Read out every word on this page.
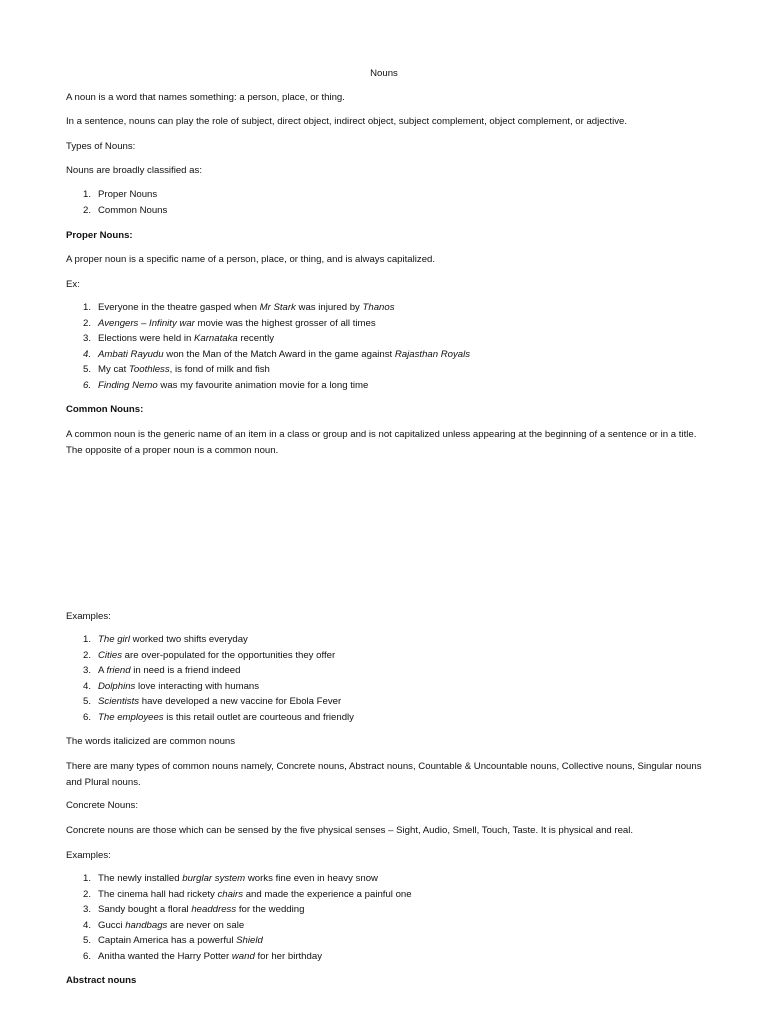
Nouns

A noun is a word that names something: a person, place, or thing.

In a sentence, nouns can play the role of subject, direct object, indirect object, subject complement, object complement, or adjective.

Types of Nouns:

Nouns are broadly classified as:

1. Proper Nouns
2. Common Nouns

Proper Nouns:

A proper noun is a specific name of a person, place, or thing, and is always capitalized.

Ex:

1. Everyone in the theatre gasped when Mr Stark was injured by Thanos
2. Avengers – Infinity war movie was the highest grosser of all times
3. Elections were held in Karnataka recently
4. Ambati Rayudu won the Man of the Match Award in the game against Rajasthan Royals
5. My cat Toothless, is fond of milk and fish
6. Finding Nemo was my favourite animation movie for a long time

Common Nouns:

A common noun is the generic name of an item in a class or group and is not capitalized unless appearing at the beginning of a sentence or in a title. The opposite of a proper noun is a common noun.

Examples:

1. The girl worked two shifts everyday
2. Cities are over-populated for the opportunities they offer
3. A friend in need is a friend indeed
4. Dolphins love interacting with humans
5. Scientists have developed a new vaccine for Ebola Fever
6. The employees is this retail outlet are courteous and friendly

The words italicized are common nouns

There are many types of common nouns namely, Concrete nouns, Abstract nouns, Countable & Uncountable nouns, Collective nouns, Singular nouns and Plural nouns.

Concrete Nouns:

Concrete nouns are those which can be sensed by the five physical senses – Sight, Audio, Smell, Touch, Taste. It is physical and real.

Examples:

1. The newly installed burglar system works fine even in heavy snow
2. The cinema hall had rickety chairs and made the experience a painful one
3. Sandy bought a floral headdress for the wedding
4. Gucci handbags are never on sale
5. Captain America has a powerful Shield
6. Anitha wanted the Harry Potter wand for her birthday

Abstract nouns
